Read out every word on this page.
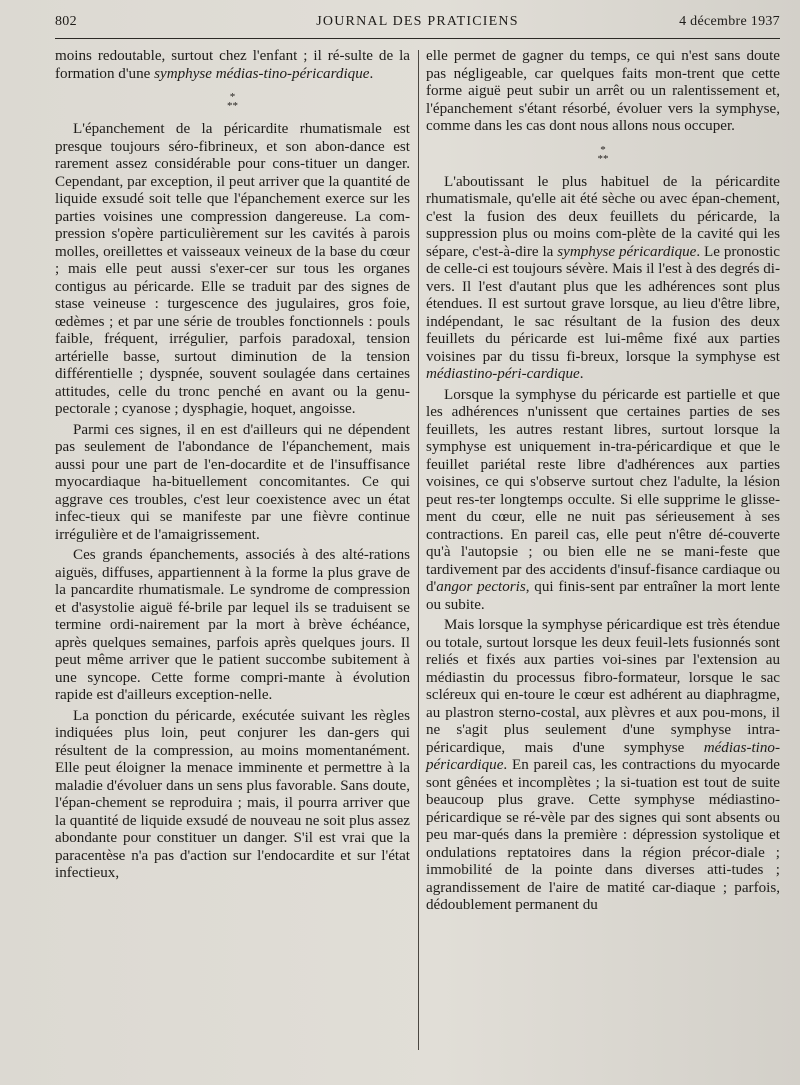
802	JOURNAL DES PRATICIENS	4 décembre 1937

moins redoutable, surtout chez l'enfant ; il ré-sulte de la formation d'une symphyse médias-tino-péricardique.

*
**

L'épanchement de la péricardite rhumatismale est presque toujours séro-fibrineux, et son abon-dance est rarement assez considérable pour cons-tituer un danger. Cependant, par exception, il peut arriver que la quantité de liquide exsudé soit telle que l'épanchement exerce sur les parties voisines une compression dangereuse. La com-pression s'opère particulièrement sur les cavités à parois molles, oreillettes et vaisseaux veineux de la base du cœur ; mais elle peut aussi s'exer-cer sur tous les organes contigus au péricarde. Elle se traduit par des signes de stase veineuse : turgescence des jugulaires, gros foie, œdèmes ; et par une série de troubles fonctionnels : pouls faible, fréquent, irrégulier, parfois paradoxal, tension artérielle basse, surtout diminution de la tension différentielle ; dyspnée, souvent soulagée dans certaines attitudes, celle du tronc penché en avant ou la genu-pectorale ; cyanose ; dysphagie, hoquet, angoisse.

Parmi ces signes, il en est d'ailleurs qui ne dépendent pas seulement de l'abondance de l'épanchement, mais aussi pour une part de l'en-docardite et de l'insuffisance myocardiaque ha-bituellement concomitantes. Ce qui aggrave ces troubles, c'est leur coexistence avec un état infec-tieux qui se manifeste par une fièvre continue irrégulière et de l'amaigrissement.

Ces grands épanchements, associés à des alté-rations aiguës, diffuses, appartiennent à la forme la plus grave de la pancardite rhumatismale. Le syndrome de compression et d'asystolie aiguë fé-brile par lequel ils se traduisent se termine ordi-nairement par la mort à brève échéance, après quelques semaines, parfois après quelques jours. Il peut même arriver que le patient succombe subitement à une syncope. Cette forme compri-mante à évolution rapide est d'ailleurs exception-nelle.

La ponction du péricarde, exécutée suivant les règles indiquées plus loin, peut conjurer les dan-gers qui résultent de la compression, au moins momentanément. Elle peut éloigner la menace imminente et permettre à la maladie d'évoluer dans un sens plus favorable. Sans doute, l'épan-chement se reproduira ; mais, il pourra arriver que la quantité de liquide exsudé de nouveau ne soit plus assez abondante pour constituer un danger. S'il est vrai que la paracentèse n'a pas d'action sur l'endocardite et sur l'état infectieux,

elle permet de gagner du temps, ce qui n'est sans doute pas négligeable, car quelques faits mon-trent que cette forme aiguë peut subir un arrêt ou un ralentissement et, l'épanchement s'étant résorbé, évoluer vers la symphyse, comme dans les cas dont nous allons nous occuper.

*
**

L'aboutissant le plus habituel de la péricardite rhumatismale, qu'elle ait été sèche ou avec épan-chement, c'est la fusion des deux feuillets du péricarde, la suppression plus ou moins com-plète de la cavité qui les sépare, c'est-à-dire la symphyse péricardique. Le pronostic de celle-ci est toujours sévère. Mais il l'est à des degrés di-vers. Il l'est d'autant plus que les adhérences sont plus étendues. Il est surtout grave lorsque, au lieu d'être libre, indépendant, le sac résultant de la fusion des deux feuillets du péricarde est lui-même fixé aux parties voisines par du tissu fi-breux, lorsque la symphyse est médiastino-péri-cardique.

Lorsque la symphyse du péricarde est partielle et que les adhérences n'unissent que certaines parties de ses feuillets, les autres restant libres, surtout lorsque la symphyse est uniquement in-tra-péricardique et que le feuillet pariétal reste libre d'adhérences aux parties voisines, ce qui s'observe surtout chez l'adulte, la lésion peut res-ter longtemps occulte. Si elle supprime le glisse-ment du cœur, elle ne nuit pas sérieusement à ses contractions. En pareil cas, elle peut n'être dé-couverte qu'à l'autopsie ; ou bien elle ne se mani-feste que tardivement par des accidents d'insuf-fisance cardiaque ou d'angor pectoris, qui finis-sent par entraîner la mort lente ou subite.

Mais lorsque la symphyse péricardique est très étendue ou totale, surtout lorsque les deux feuil-lets fusionnés sont reliés et fixés aux parties voi-sines par l'extension au médiastin du processus fibro-formateur, lorsque le sac scléreux qui en-toure le cœur est adhérent au diaphragme, au plastron sterno-costal, aux plèvres et aux pou-mons, il ne s'agit plus seulement d'une symphyse intra-péricardique, mais d'une symphyse médias-tino-péricardique. En pareil cas, les contractions du myocarde sont gênées et incomplètes ; la si-tuation est tout de suite beaucoup plus grave. Cette symphyse médiastino-péricardique se ré-vèle par des signes qui sont absents ou peu mar-qués dans la première : dépression systolique et ondulations reptatoires dans la région précor-diale ; immobilité de la pointe dans diverses atti-tudes ; agrandissement de l'aire de matité car-diaque ; parfois, dédoublement permanent du
